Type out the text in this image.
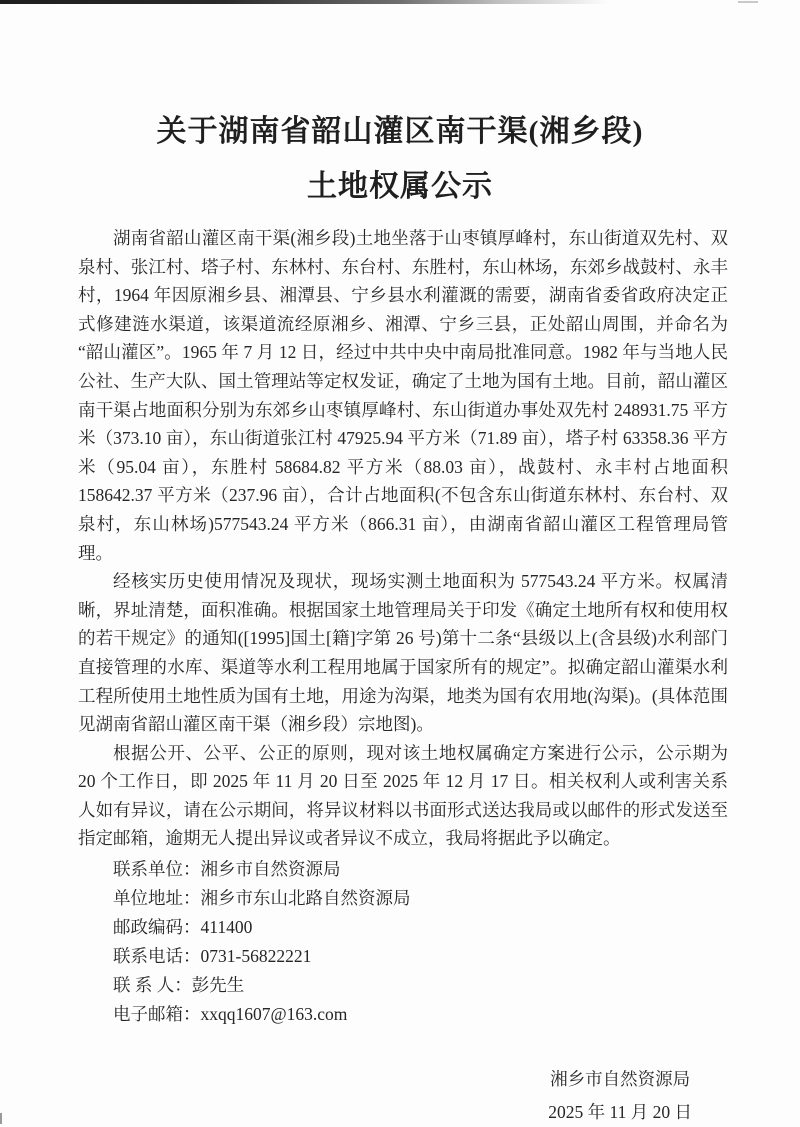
关于湖南省韶山灌区南干渠(湘乡段)
土地权属公示

湖南省韶山灌区南干渠(湘乡段)土地坐落于山枣镇厚峰村，东山街道双先村、双泉村、张江村、塔子村、东林村、东台村、东胜村，东山林场，东郊乡战鼓村、永丰村，1964 年因原湘乡县、湘潭县、宁乡县水利灌溉的需要，湖南省委省政府决定正式修建涟水渠道，该渠道流经原湘乡、湘潭、宁乡三县，正处韶山周围，并命名为“韶山灌区”。1965 年 7 月 12 日，经过中共中央中南局批准同意。1982 年与当地人民公社、生产大队、国土管理站等定权发证，确定了土地为国有土地。目前，韶山灌区南干渠占地面积分别为东郊乡山枣镇厚峰村、东山街道办事处双先村 248931.75 平方米（373.10 亩），东山街道张江村 47925.94 平方米（71.89 亩），塔子村 63358.36 平方米（95.04 亩），东胜村 58684.82 平方米（88.03 亩），战鼓村、永丰村占地面积 158642.37 平方米（237.96 亩），合计占地面积(不包含东山街道东林村、东台村、双泉村，东山林场)577543.24 平方米（866.31 亩），由湖南省韶山灌区工程管理局管理。

经核实历史使用情况及现状，现场实测土地面积为 577543.24 平方米。权属清晰，界址清楚，面积准确。根据国家土地管理局关于印发《确定土地所有权和使用权的若干规定》的通知([1995]国土[籍]字第 26 号)第十二条“县级以上(含县级)水利部门直接管理的水库、渠道等水利工程用地属于国家所有的规定”。拟确定韶山灌渠水利工程所使用土地性质为国有土地，用途为沟渠，地类为国有农用地(沟渠)。(具体范围见湖南省韶山灌区南干渠（湘乡段）宗地图)。

根据公开、公平、公正的原则，现对该土地权属确定方案进行公示，公示期为 20 个工作日，即 2025 年 11 月 20 日至 2025 年 12 月 17 日。相关权利人或利害关系人如有异议，请在公示期间，将异议材料以书面形式送达我局或以邮件的形式发送至指定邮箱，逾期无人提出异议或者异议不成立，我局将据此予以确定。

联系单位：湘乡市自然资源局
单位地址：湘乡市东山北路自然资源局
邮政编码：411400
联系电话：0731-56822221
联 系 人：彭先生
电子邮箱：xxqq1607@163.com
湘乡市自然资源局
2025 年 11 月 20 日
